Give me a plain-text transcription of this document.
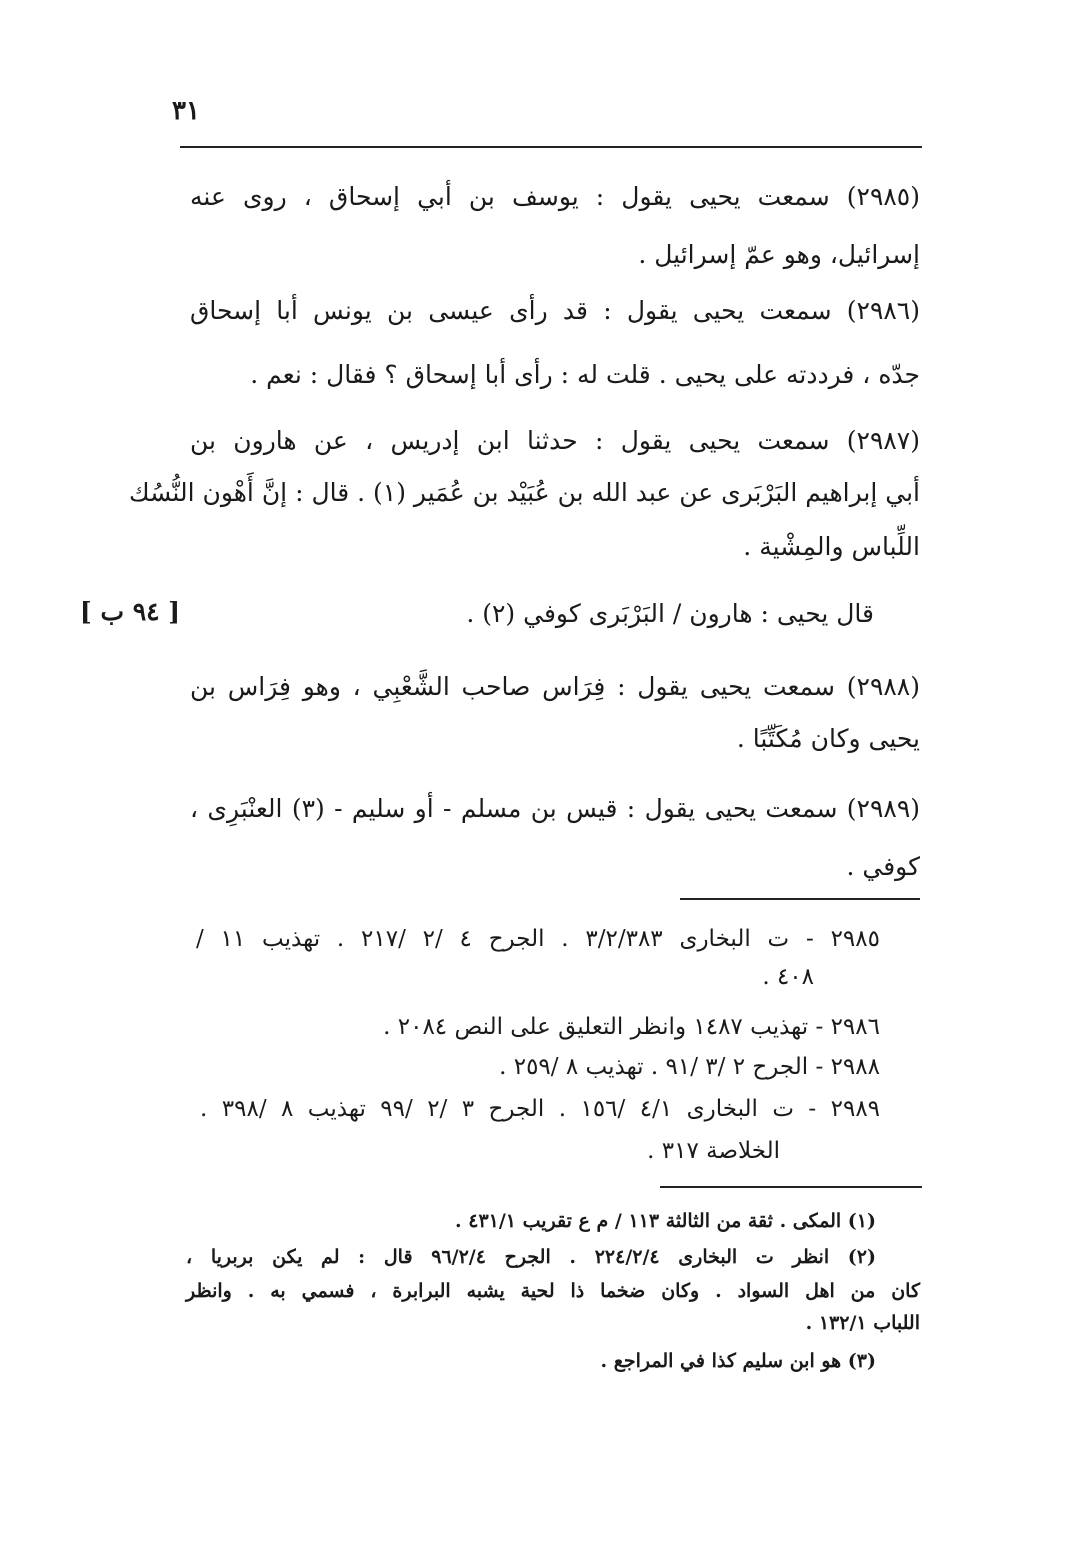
٣١
(٢٩٨٥) سمعت يحيى يقول : يوسف بن أبي إسحاق ، روى عنه
إسرائيل، وهو عمّ إسرائيل .
(٢٩٨٦) سمعت يحيى يقول : قد رأى عيسى بن يونس أبا إسحاق
جدّه ، فرددته على يحيى . قلت له : رأى أبا إسحاق ؟ فقال : نعم .
(٢٩٨٧) سمعت يحيى يقول : حدثنا ابن إدريس ، عن هارون بن
أبي إبراهيم البَرْبَرى عن عبد الله بن عُبَيْد بن عُمَير (١) . قال : إنَّ أَهْون النُّسُك
اللِّباس والمِشْية .
قال يحيى : هارون / البَرْبَرى كوفي (٢) .
(٢٩٨٨) سمعت يحيى يقول : فِرَاس صاحب الشَّعْبِي ، وهو فِرَاس بن
يحيى وكان مُكَتِّبًا .
(٢٩٨٩) سمعت يحيى يقول : قيس بن مسلم - أو سليم - (٣) العنْبَرِى ،
كوفي .
[ ٩٤ ب ]
٢٩٨٥ - ت البخارى ٣/٢/٣٨٣ . الجرح ٤ /٢ /٢١٧ . تهذيب ١١ /
٤٠٨ .
٢٩٨٦ - تهذيب ١٤٨٧ وانظر التعليق على النص ٢٠٨٤ .
٢٩٨٨ - الجرح ٢ /٣ /٩١ . تهذيب ٨ /٢٥٩ .
٢٩٨٩ - ت البخارى ٤/١ /١٥٦ . الجرح ٣ /٢ /٩٩ تهذيب ٨ /٣٩٨ .
الخلاصة ٣١٧ .
(١) المكى . ثقة من الثالثة ١١٣ / م ع تقريب ٤٣١/١ .
(٢) انظر ت البخارى ٢٢٤/٢/٤ . الجرح ٩٦/٢/٤ قال : لم يكن بربريا ،
كان من اهل السواد . وكان ضخما ذا لحية يشبه البرابرة ، فسمي به . وانظر
اللباب ١٣٢/١ .
(٣) هو ابن سليم كذا في المراجع .
